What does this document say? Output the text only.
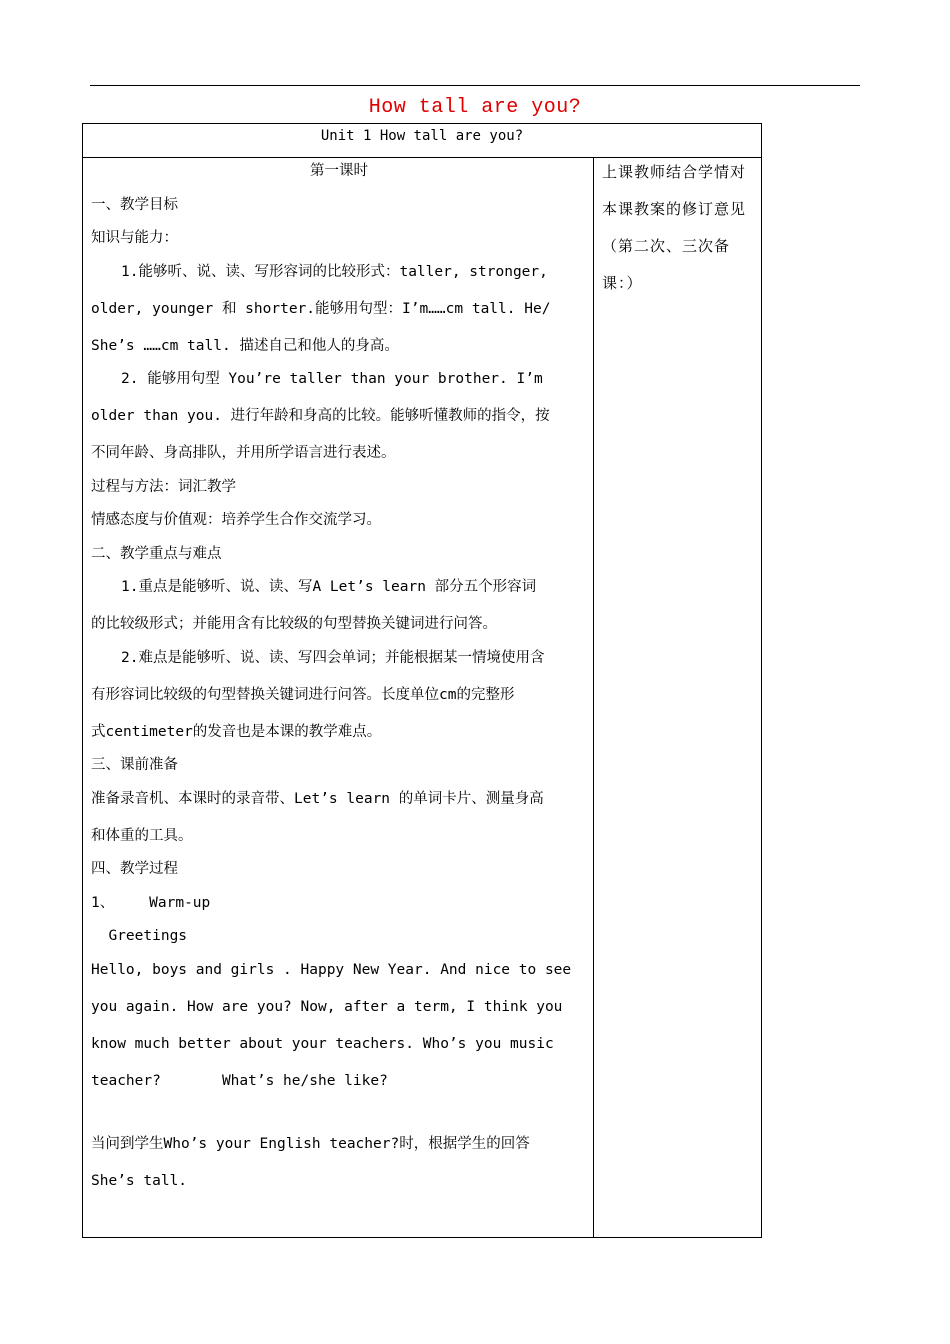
How tall are you?
Unit 1 How tall are you?
第一课时
一、教学目标
知识与能力：
1.能够听、说、读、写形容词的比较形式：taller, stronger,
older, younger 和 shorter.能够用句型：I’m……cm tall. He/
She’s ……cm tall. 描述自己和他人的身高。
2. 能够用句型 You’re taller than your brother. I’m
older than you. 进行年龄和身高的比较。能够听懂教师的指令，按
不同年龄、身高排队，并用所学语言进行表述。
过程与方法：词汇教学
情感态度与价值观：培养学生合作交流学习。
二、教学重点与难点
1.重点是能够听、说、读、写A Let’s learn 部分五个形容词
的比较级形式；并能用含有比较级的句型替换关键词进行问答。
2.难点是能够听、说、读、写四会单词；并能根据某一情境使用含
有形容词比较级的句型替换关键词进行问答。长度单位cm的完整形
式centimeter的发音也是本课的教学难点。
三、课前准备
准备录音机、本课时的录音带、Let’s learn 的单词卡片、测量身高
和体重的工具。
四、教学过程
1、    Warm-up
Greetings
Hello, boys and girls . Happy New Year. And nice to see
you again. How are you? Now, after a term, I think you
know much better about your teachers. Who’s you music
teacher?       What’s he/she like?
当问到学生Who’s your English teacher?时，根据学生的回答
She’s tall.
上课教师结合学情对
本课教案的修订意见
（第二次、三次备
课：）
